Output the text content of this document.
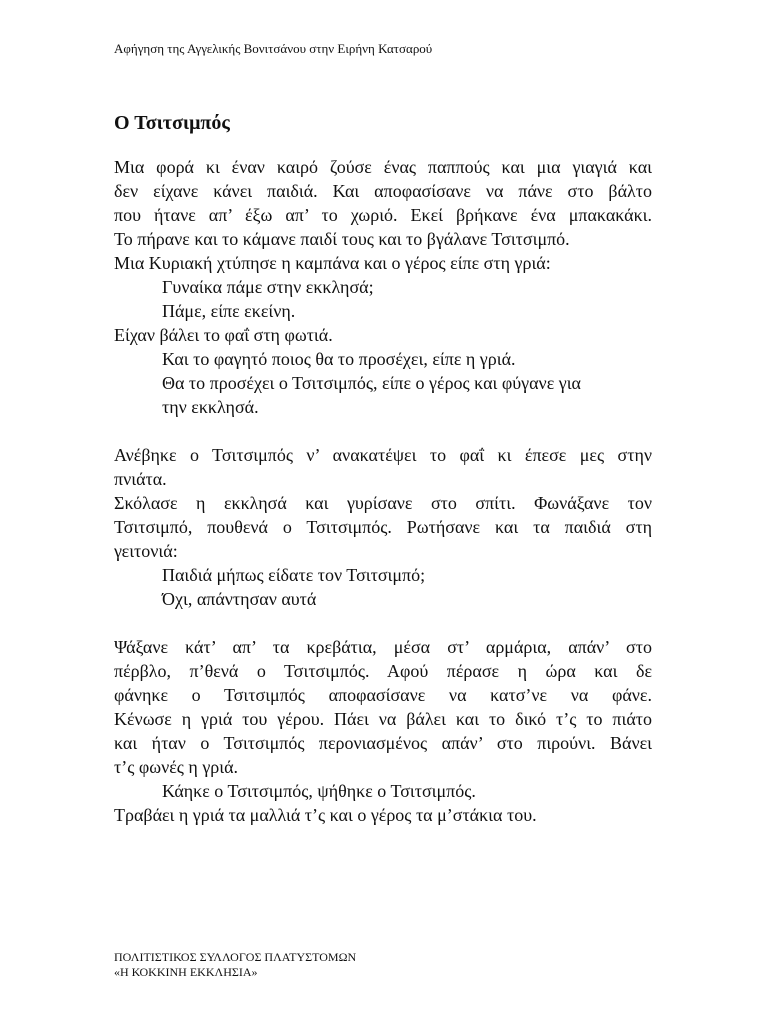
Αφήγηση της Αγγελικής Βονιτσάνου στην Ειρήνη Κατσαρού
Ο Τσιτσιμπός
Μια φορά κι έναν καιρό ζούσε ένας παππούς και μια γιαγιά και
δεν είχανε κάνει παιδιά. Και αποφασίσανε να πάνε στο βάλτο
που ήτανε απ’ έξω απ’ το χωριό. Εκεί βρήκανε ένα μπακακάκι.
Το πήρανε και το κάμανε παιδί τους και το βγάλανε Τσιτσιμπό.
Μια Κυριακή χτύπησε η καμπάνα και ο γέρος είπε στη γριά:
Γυναίκα πάμε στην εκκλησά;
Πάμε, είπε εκείνη.
Είχαν βάλει το φαΐ στη φωτιά.
Και το φαγητό ποιος θα το προσέχει, είπε η γριά.
Θα το προσέχει ο Τσιτσιμπός, είπε ο γέρος και φύγανε για
την εκκλησά.
Ανέβηκε ο Τσιτσιμπός ν’ ανακατέψει το φαΐ κι έπεσε μες στην
πνιάτα.
Σκόλασε η εκκλησά και γυρίσανε στο σπίτι. Φωνάξανε τον
Τσιτσιμπό, πουθενά ο Τσιτσιμπός. Ρωτήσανε και τα παιδιά στη
γειτονιά:
Παιδιά μήπως είδατε τον Τσιτσιμπό;
Όχι, απάντησαν αυτά
Ψάξανε κάτ’ απ’ τα κρεβάτια, μέσα στ’ αρμάρια, απάν’ στο
πέρβλο, π’θενά ο Τσιτσιμπός. Αφού πέρασε η ώρα και δε
φάνηκε ο Τσιτσιμπός αποφασίσανε να κατσ’νε να φάνε.
Κένωσε η γριά του γέρου. Πάει να βάλει και το δικό τ’ς το πιάτο
και ήταν ο Τσιτσιμπός περονιασμένος απάν’ στο πιρούνι. Βάνει
τ’ς φωνές η γριά.
Κάηκε ο Τσιτσιμπός, ψήθηκε ο Τσιτσιμπός.
Τραβάει η γριά τα μαλλιά τ’ς και ο γέρος τα μ’στάκια του.
ΠΟΛΙΤΙΣΤΙΚΟΣ ΣΥΛΛΟΓΟΣ ΠΛΑΤΥΣΤΟΜΩΝ
«Η ΚΟΚΚΙΝΗ ΕΚΚΛΗΣΙΑ»
